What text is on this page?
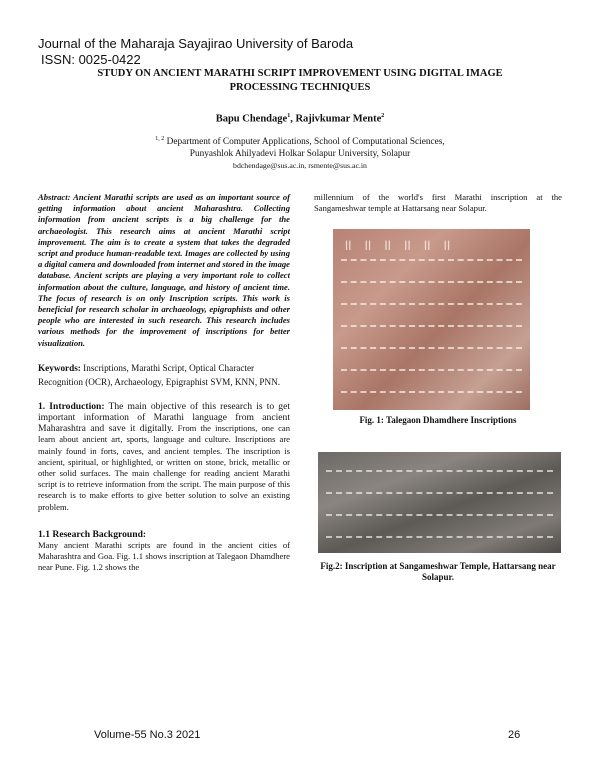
Journal of the Maharaja Sayajirao University of Baroda
ISSN: 0025-0422
STUDY ON ANCIENT MARATHI SCRIPT IMPROVEMENT USING DIGITAL IMAGE
PROCESSING TECHNIQUES
Bapu Chendage$^1$, Rajivkumar Mente$^2$
$^{1, 2}$ Department of Computer Applications, School of Computational Sciences,
Punyashlok Ahilyadevi Holkar Solapur University, Solapur
bdchendage@sus.ac.in, rsmente@sus.ac.in
Abstract: Ancient Marathi scripts are used as an important source of getting information about ancient Maharashtra. Collecting information from ancient scripts is a big challenge for the archaeologist. This research aims at ancient Marathi script improvement. The aim is to create a system that takes the degraded script and produce human-readable text. Images are collected by using a digital camera and downloaded from internet and stored in the image database. Ancient scripts are playing a very important role to collect information about the culture, language, and history of ancient time. The focus of research is on only Inscription scripts. This work is beneficial for research scholar in archaeology, epigraphists and other people who are interested in such research. This research includes various methods for the improvement of inscriptions for better visualization.
Keywords: Inscriptions, Marathi Script, Optical Character Recognition (OCR), Archaeology, Epigraphist SVM, KNN, PNN.
1. Introduction: The main objective of this research is to get important information of Marathi language from ancient Maharashtra and save it digitally. From the inscriptions, one can learn about ancient art, sports, language and culture. Inscriptions are mainly found in forts, caves, and ancient temples. The inscription is ancient, spiritual, or highlighted, or written on stone, brick, metallic or other solid surfaces. The main challenge for reading ancient Marathi script is to retrieve information from the script. The main purpose of this research is to make efforts to give better solution to solve an existing problem.
1.1 Research Background:
Many ancient Marathi scripts are found in the ancient cities of Maharashtra and Goa. Fig. 1.1 shows inscription at Talegaon Dhamdhere near Pune. Fig. 1.2 shows the
millennium of the world's first Marathi inscription at the Sangameshwar temple at Hattarsang near Solapur.
॥ ॥ ॥ ॥ ॥ ॥
Fig. 1: Talegaon Dhamdhere Inscriptions
Fig.2: Inscription at Sangameshwar Temple, Hattarsang near Solapur.
Volume-55 No.3 2021	26
